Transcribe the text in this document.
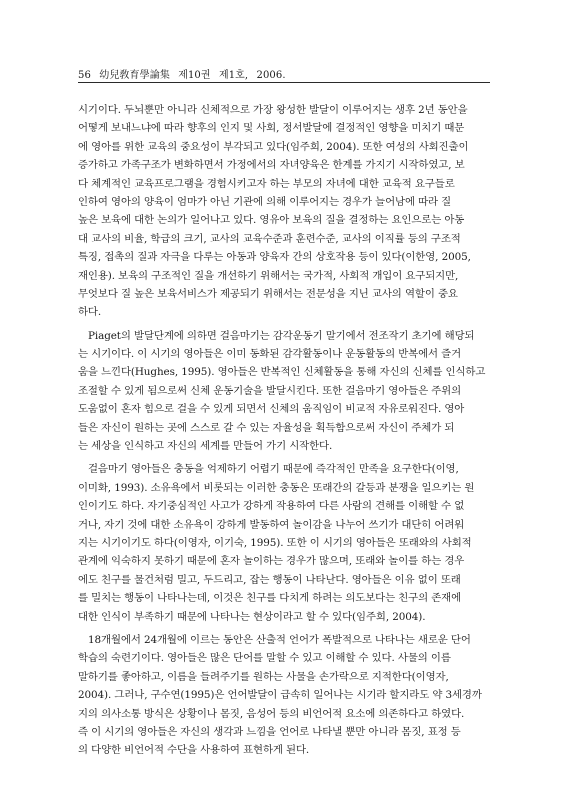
56 幼兒敎育學論集 제10권 제1호, 2006.
시기이다. 두뇌뿐만 아니라 신체적으로 가장 왕성한 발달이 이루어지는 생후 2년 동안을
어떻게 보내느냐에 따라 향후의 인지 및 사회, 정서발달에 결정적인 영향을 미치기 때문
에 영아를 위한 교육의 중요성이 부각되고 있다(임주희, 2004). 또한 여성의 사회진출이
증가하고 가족구조가 변화하면서 가정에서의 자녀양육은 한계를 가지기 시작하였고, 보
다 체계적인 교육프로그램을 경험시키고자 하는 부모의 자녀에 대한 교육적 요구들로
인하여 영아의 양육이 엄마가 아닌 기관에 의해 이루어지는 경우가 늘어남에 따라 질
높은 보육에 대한 논의가 일어나고 있다. 영유아 보육의 질을 결정하는 요인으로는 아동
대 교사의 비율, 학급의 크기, 교사의 교육수준과 훈련수준, 교사의 이직률 등의 구조적
특징, 접촉의 질과 자극을 다루는 아동과 양육자 간의 상호작용 등이 있다(이한영, 2005,
재인용). 보육의 구조적인 질을 개선하기 위해서는 국가적, 사회적 개입이 요구되지만,
무엇보다 질 높은 보육서비스가 제공되기 위해서는 전문성을 지닌 교사의 역할이 중요
하다.
Piaget의 발달단계에 의하면 걸음마기는 감각운동기 말기에서 전조작기 초기에 해당되
는 시기이다. 이 시기의 영아들은 이미 동화된 감각활동이나 운동활동의 반복에서 즐거
움을 느낀다(Hughes, 1995). 영아들은 반복적인 신체활동을 통해 자신의 신체를 인식하고
조절할 수 있게 됨으로써 신체 운동기술을 발달시킨다. 또한 걸음마기 영아들은 주위의
도움없이 혼자 힘으로 걸을 수 있게 되면서 신체의 움직임이 비교적 자유로워진다. 영아
들은 자신이 원하는 곳에 스스로 갈 수 있는 자율성을 획득함으로써 자신이 주체가 되
는 세상을 인식하고 자신의 세계를 만들어 가기 시작한다.
걸음마기 영아들은 충동을 억제하기 어렵기 때문에 즉각적인 만족을 요구한다(이영,
이미화, 1993). 소유욕에서 비롯되는 이러한 충동은 또래간의 갈등과 분쟁을 일으키는 원
인이기도 하다. 자기중심적인 사고가 강하게 작용하여 다른 사람의 견해를 이해할 수 없
거나, 자기 것에 대한 소유욕이 강하게 발동하여 놀이감을 나누어 쓰기가 대단히 어려워
지는 시기이기도 하다(이영자, 이기숙, 1995). 또한 이 시기의 영아들은 또래와의 사회적
관계에 익숙하지 못하기 때문에 혼자 놀이하는 경우가 많으며, 또래와 놀이를 하는 경우
에도 친구를 물건처럼 밀고, 두드리고, 잡는 행동이 나타난다. 영아들은 이유 없이 또래
를 밀치는 행동이 나타나는데, 이것은 친구를 다치게 하려는 의도보다는 친구의 존재에
대한 인식이 부족하기 때문에 나타나는 현상이라고 할 수 있다(임주희, 2004).
18개월에서 24개월에 이르는 동안은 산출적 언어가 폭발적으로 나타나는 새로운 단어
학습의 숙련기이다. 영아들은 많은 단어를 말할 수 있고 이해할 수 있다. 사물의 이름
말하기를 좋아하고, 이름을 들려주기를 원하는 사물을 손가락으로 지적한다(이영자,
2004). 그러나, 구수연(1995)은 언어발달이 급속히 일어나는 시기라 할지라도 약 3세경까
지의 의사소통 방식은 상황이나 몸짓, 음성어 등의 비언어적 요소에 의존하다고 하였다.
즉 이 시기의 영아들은 자신의 생각과 느낌을 언어로 나타낼 뿐만 아니라 몸짓, 표정 등
의 다양한 비언어적 수단을 사용하여 표현하게 된다.
